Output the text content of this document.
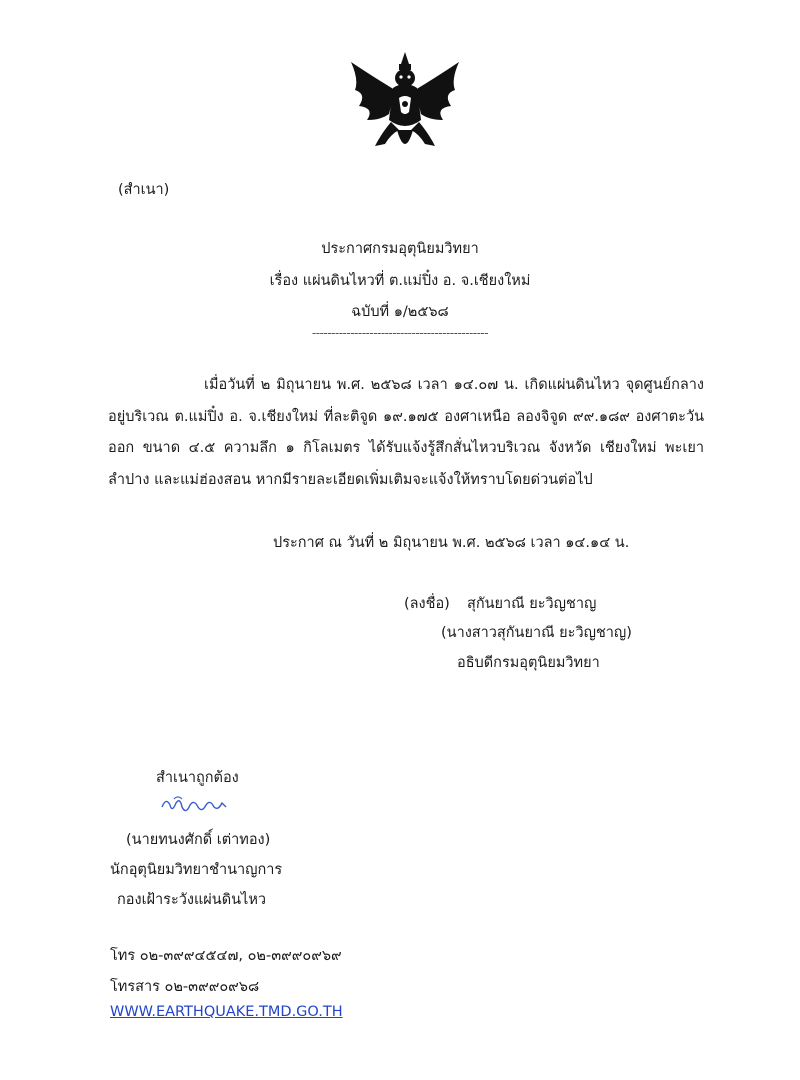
(สำเนา)
ประกาศกรมอุตุนิยมวิทยา
เรื่อง แผ่นดินไหวที่ ต.แม่ปิ๋ง อ. จ.เชียงใหม่
ฉบับที่ ๑/๒๕๖๘
----------------------------------------------
เมื่อวันที่ ๒ มิถุนายน พ.ศ. ๒๕๖๘ เวลา ๑๔.๐๗ น. เกิดแผ่นดินไหว จุดศูนย์กลางอยู่บริเวณ ต.แม่ปิ๋ง อ. จ.เชียงใหม่ ที่ละติจูด ๑๙.๑๗๕ องศาเหนือ ลองจิจูด ๙๙.๑๘๙ องศาตะวันออก ขนาด ๔.๕ ความลึก ๑ กิโลเมตร ได้รับแจ้งรู้สึกสั่นไหวบริเวณ จังหวัด เชียงใหม่ พะเยา ลำปาง และแม่ฮ่องสอน หากมีรายละเอียดเพิ่มเติมจะแจ้งให้ทราบโดยด่วนต่อไป
ประกาศ ณ วันที่ ๒ มิถุนายน พ.ศ. ๒๕๖๘ เวลา ๑๔.๑๔ น.
(ลงชื่อ) สุกันยาณี ยะวิญชาญ
(นางสาวสุกันยาณี ยะวิญชาญ)
อธิบดีกรมอุตุนิยมวิทยา
สำเนาถูกต้อง
(นายทนงศักดิ์ เต่าทอง)
นักอุตุนิยมวิทยาชำนาญการ
กองเฝ้าระวังแผ่นดินไหว
โทร ๐๒-๓๙๙๔๕๔๗, ๐๒-๓๙๙๐๙๖๙
โทรสาร ๐๒-๓๙๙๐๙๖๘
WWW.EARTHQUAKE.TMD.GO.TH
